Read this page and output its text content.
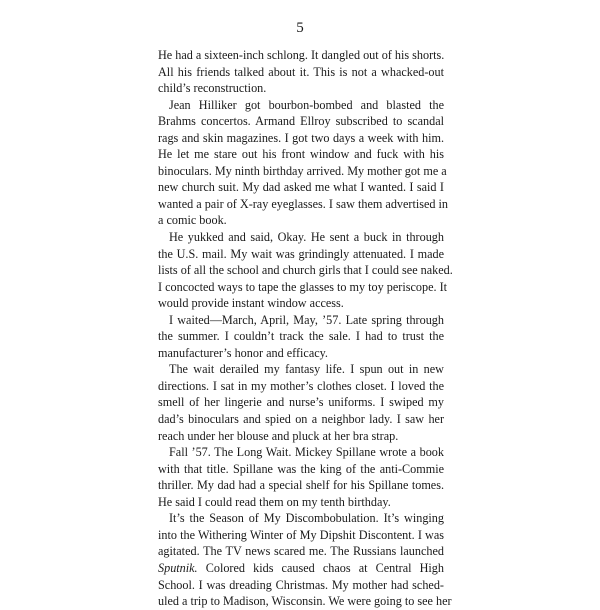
5
He had a sixteen-inch schlong. It dangled out of his shorts.
All his friends talked about it. This is not a whacked-out
child’s reconstruction.
Jean Hilliker got bourbon-bombed and blasted the
Brahms concertos. Armand Ellroy subscribed to scandal
rags and skin magazines. I got two days a week with him.
He let me stare out his front window and fuck with his
binoculars. My ninth birthday arrived. My mother got me a
new church suit. My dad asked me what I wanted. I said I
wanted a pair of X-ray eyeglasses. I saw them advertised in
a comic book.
He yukked and said, Okay. He sent a buck in through
the U.S. mail. My wait was grindingly attenuated. I made
lists of all the school and church girls that I could see naked.
I concocted ways to tape the glasses to my toy periscope. It
would provide instant window access.
I waited—March, April, May, ’57. Late spring through
the summer. I couldn’t track the sale. I had to trust the
manufacturer’s honor and efficacy.
The wait derailed my fantasy life. I spun out in new
directions. I sat in my mother’s clothes closet. I loved the
smell of her lingerie and nurse’s uniforms. I swiped my
dad’s binoculars and spied on a neighbor lady. I saw her
reach under her blouse and pluck at her bra strap.
Fall ’57. The Long Wait. Mickey Spillane wrote a book
with that title. Spillane was the king of the anti-Commie
thriller. My dad had a special shelf for his Spillane tomes.
He said I could read them on my tenth birthday.
It’s the Season of My Discombobulation. It’s winging
into the Withering Winter of My Dipshit Discontent. I was
agitated. The TV news scared me. The Russians launched
Sputnik. Colored kids caused chaos at Central High
School. I was dreading Christmas. My mother had sched-
uled a trip to Madison, Wisconsin. We were going to see her
